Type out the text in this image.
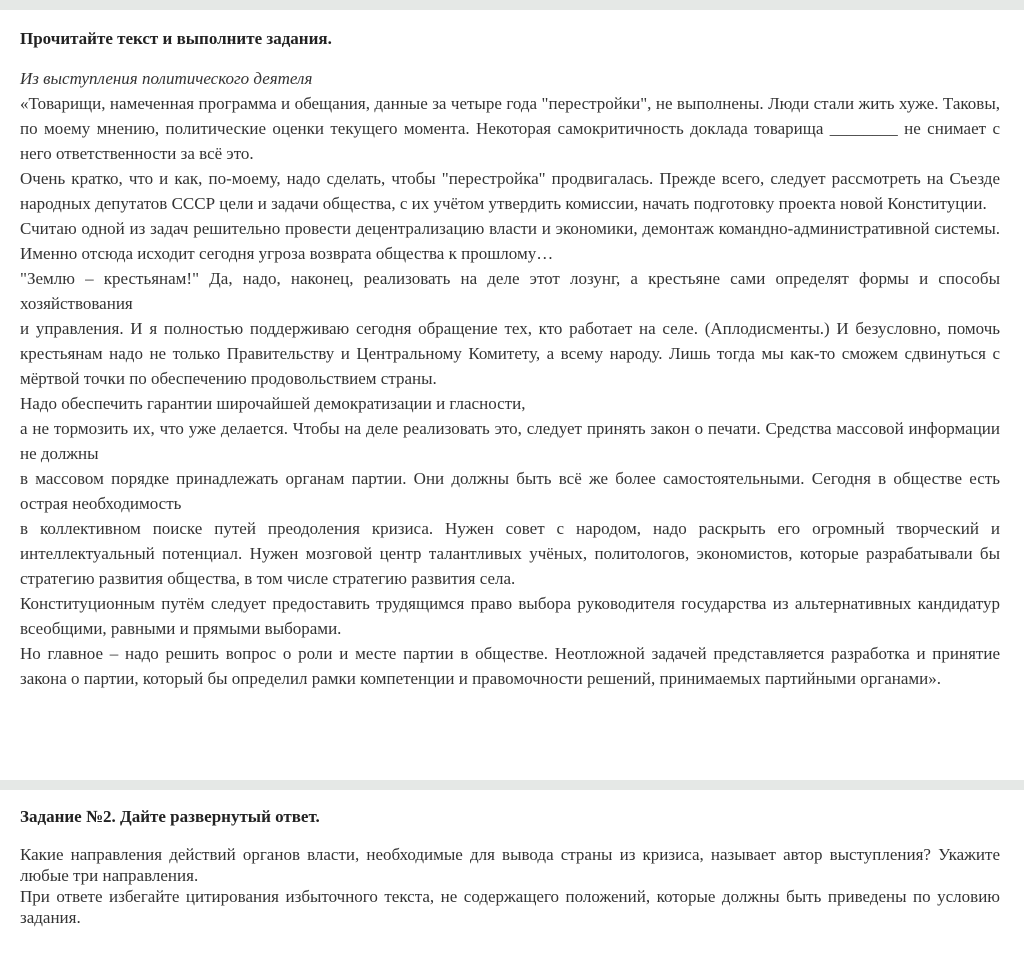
Прочитайте текст и выполните задания.
Из выступления политического деятеля

«Товарищи, намеченная программа и обещания, данные за четыре года "перестройки", не выполнены. Люди стали жить хуже. Таковы, по моему мнению, политические оценки текущего момента. Некоторая самокритичность доклада товарища ________ не снимает с него ответственности за всё это.

Очень кратко, что и как, по-моему, надо сделать, чтобы "перестройка" продвигалась. Прежде всего, следует рассмотреть на Съезде народных депутатов СССР цели и задачи общества, с их учётом утвердить комиссии, начать подготовку проекта новой Конституции.

Считаю одной из задач решительно провести децентрализацию власти и экономики, демонтаж командно-административной системы. Именно отсюда исходит сегодня угроза возврата общества к прошлому…

"Землю – крестьянам!" Да, надо, наконец, реализовать на деле этот лозунг, а крестьяне сами определят формы и способы хозяйствования

и управления. И я полностью поддерживаю сегодня обращение тех, кто работает на селе. (Аплодисменты.) И безусловно, помочь крестьянам надо не только Правительству и Центральному Комитету, а всему народу. Лишь тогда мы как-то сможем сдвинуться с мёртвой точки по обеспечению продовольствием страны.

Надо обеспечить гарантии широчайшей демократизации и гласности,

а не тормозить их, что уже делается. Чтобы на деле реализовать это, следует принять закон о печати. Средства массовой информации не должны

в массовом порядке принадлежать органам партии. Они должны быть всё же более самостоятельными. Сегодня в обществе есть острая необходимость

в коллективном поиске путей преодоления кризиса. Нужен совет с народом, надо раскрыть его огромный творческий и интеллектуальный потенциал. Нужен мозговой центр талантливых учёных, политологов, экономистов, которые разрабатывали бы стратегию развития общества, в том числе стратегию развития села.

Конституционным путём следует предоставить трудящимся право выбора руководителя государства из альтернативных кандидатур всеобщими, равными и прямыми выборами.

Но главное – надо решить вопрос о роли и месте партии в обществе. Неотложной задачей представляется разработка и принятие закона о партии, который бы определил рамки компетенции и правомочности решений, принимаемых партийными органами».

Задание №2. Дайте развернутый ответ.

Какие направления действий органов власти, необходимые для вывода страны из кризиса, называет автор выступления? Укажите любые три направления.

При ответе избегайте цитирования избыточного текста, не содержащего положений, которые должны быть приведены по условию задания.
